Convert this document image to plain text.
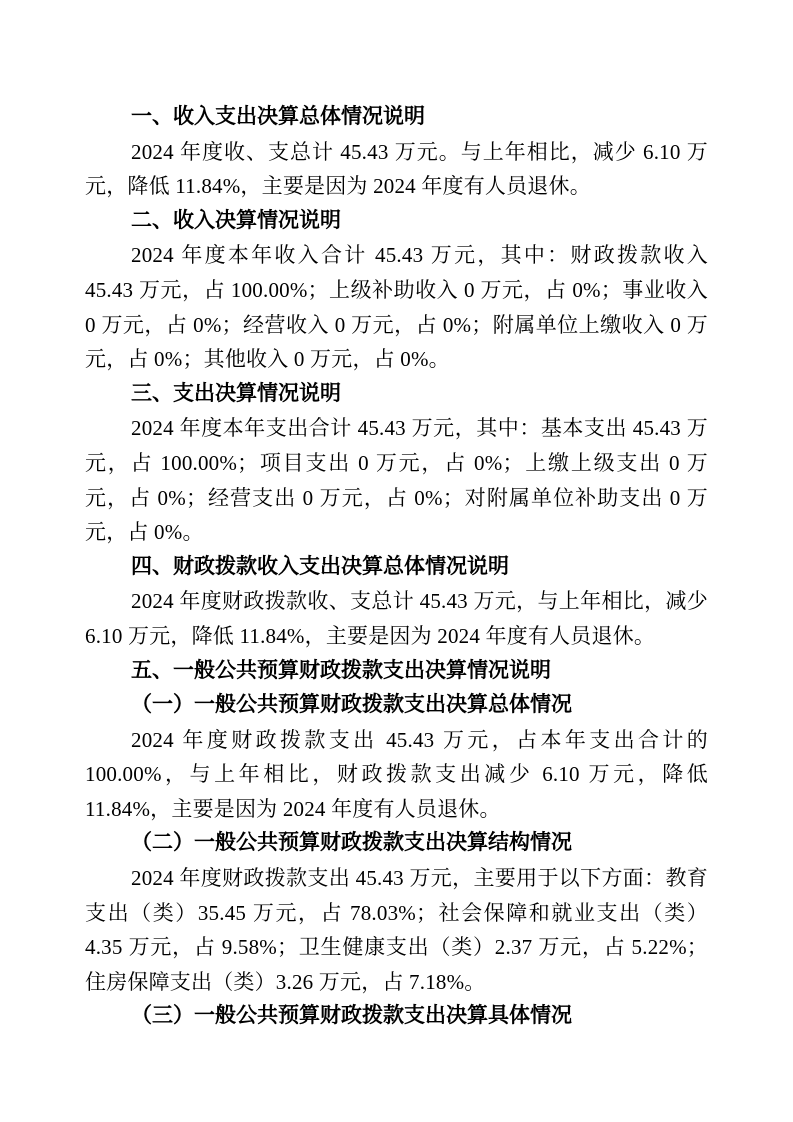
一、收入支出决算总体情况说明

2024 年度收、支总计 45.43 万元。与上年相比，减少 6.10 万元，降低 11.84%，主要是因为 2024 年度有人员退休。

二、收入决算情况说明

2024 年度本年收入合计 45.43 万元，其中：财政拨款收入 45.43 万元，占 100.00%；上级补助收入 0 万元，占 0%；事业收入 0 万元，占 0%；经营收入 0 万元，占 0%；附属单位上缴收入 0 万元，占 0%；其他收入 0 万元，占 0%。

三、支出决算情况说明

2024 年度本年支出合计 45.43 万元，其中：基本支出 45.43 万元，占 100.00%；项目支出 0 万元，占 0%；上缴上级支出 0 万元，占 0%；经营支出 0 万元，占 0%；对附属单位补助支出 0 万元，占 0%。

四、财政拨款收入支出决算总体情况说明

2024 年度财政拨款收、支总计 45.43 万元，与上年相比，减少 6.10 万元，降低 11.84%，主要是因为 2024 年度有人员退休。

五、一般公共预算财政拨款支出决算情况说明
（一）一般公共预算财政拨款支出决算总体情况

2024 年度财政拨款支出 45.43 万元，占本年支出合计的 100.00%，与上年相比，财政拨款支出减少 6.10 万元，降低 11.84%，主要是因为 2024 年度有人员退休。

（二）一般公共预算财政拨款支出决算结构情况

2024 年度财政拨款支出 45.43 万元，主要用于以下方面：教育支出（类）35.45 万元，占 78.03%；社会保障和就业支出（类）4.35 万元，占 9.58%；卫生健康支出（类）2.37 万元，占 5.22%；住房保障支出（类）3.26 万元，占 7.18%。

（三）一般公共预算财政拨款支出决算具体情况
